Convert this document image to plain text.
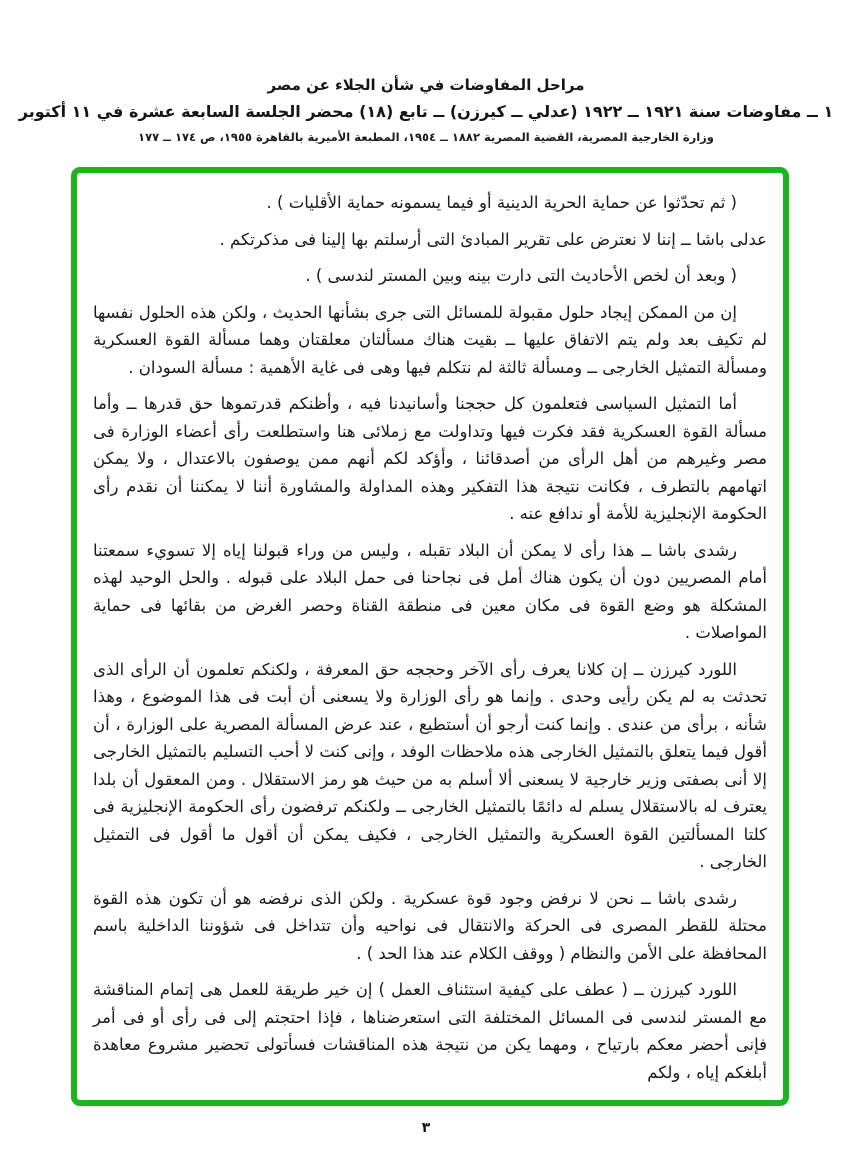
مراحل المفاوضات في شأن الجلاء عن مصر
١ ــ مفاوضات سنة ١٩٢١ ــ ١٩٢٢ (عدلي ــ كيرزن) ــ تابع (١٨) محضر الجلسة السابعة عشرة في ١١ أكتوبر
وزارة الخارجية المصرية، القضية المصرية ١٨٨٢ ــ ١٩٥٤، المطبعة الأميرية بالقاهرة ١٩٥٥، ص ١٧٤ ــ ١٧٧

( ثم تحدّثوا عن حماية الحرية الدينية أو فيما يسمونه حماية الأقليات ) .

عدلى باشا ــ إننا لا نعترض على تقرير المبادئ التى أرسلتم بها إلينا فى مذكرتكم .

( وبعد أن لخص الأحاديث التى دارت بينه وبين المستر لندسى ) .

إن من الممكن إيجاد حلول مقبولة للمسائل التى جرى بشأنها الحديث ، ولكن هذه الحلول نفسها لم تكيف بعد ولم يتم الاتفاق عليها ــ بقيت هناك مسألتان معلقتان وهما مسألة القوة العسكرية ومسألة التمثيل الخارجى ــ ومسألة ثالثة لم نتكلم فيها وهى فى غاية الأهمية : مسألة السودان .

أما التمثيل السياسى فتعلمون كل حججنا وأسانيدنا فيه ، وأظنكم قدرتموها حق قدرها ــ وأما مسألة القوة العسكرية فقد فكرت فيها وتداولت مع زملائى هنا واستطلعت رأى أعضاء الوزارة فى مصر وغيرهم من أهل الرأى من أصدقائنا ، وأؤكد لكم أنهم ممن يوصفون بالاعتدال ، ولا يمكن اتهامهم بالتطرف ، فكانت نتيجة هذا التفكير وهذه المداولة والمشاورة أننا لا يمكننا أن نقدم رأى الحكومة الإنجليزية للأمة أو ندافع عنه .

رشدى باشا ــ هذا رأى لا يمكن أن البلاد تقبله ، وليس من وراء قبولنا إياه إلا تسويء سمعتنا أمام المصريين دون أن يكون هناك أمل فى نجاحنا فى حمل البلاد على قبوله . والحل الوحيد لهذه المشكلة هو وضع القوة فى مكان معين فى منطقة القناة وحصر الغرض من بقائها فى حماية المواصلات .

اللورد كيرزن ــ إن كلانا يعرف رأى الآخر وحججه حق المعرفة ، ولكنكم تعلمون أن الرأى الذى تحدثت به لم يكن رأيى وحدى . وإنما هو رأى الوزارة ولا يسعنى أن أبت فى هذا الموضوع ، وهذا شأنه ، برأى من عندى . وإنما كنت أرجو أن أستطيع ، عند عرض المسألة المصرية على الوزارة ، أن أقول فيما يتعلق بالتمثيل الخارجى هذه ملاحظات الوفد ، وإنى كنت لا أحب التسليم بالتمثيل الخارجى إلا أنى بصفتى وزير خارجية لا يسعنى ألا أسلم به من حيث هو رمز الاستقلال . ومن المعقول أن بلدا يعترف له بالاستقلال يسلم له دائمًا بالتمثيل الخارجى ــ ولكنكم ترفضون رأى الحكومة الإنجليزية فى كلتا المسألتين القوة العسكرية والتمثيل الخارجى ، فكيف يمكن أن أقول ما أقول فى التمثيل الخارجى .

رشدى باشا ــ نحن لا نرفض وجود قوة عسكرية . ولكن الذى نرفضه هو أن تكون هذه القوة محتلة للقطر المصرى فى الحركة والانتقال فى نواحيه وأن تتداخل فى شؤوننا الداخلية باسم المحافظة على الأمن والنظام ( ووقف الكلام عند هذا الحد ) .

اللورد كيرزن ــ ( عطف على كيفية استئناف العمل ) إن خير طريقة للعمل هى إتمام المناقشة مع المستر لندسى فى المسائل المختلفة التى استعرضناها ، فإذا احتجتم إلى فى رأى أو فى أمر فإنى أحضر معكم بارتياح ، ومهما يكن من نتيجة هذه المناقشات فسأتولى تحضير مشروع معاهدة أبلغكم إياه ، ولكم

٣
